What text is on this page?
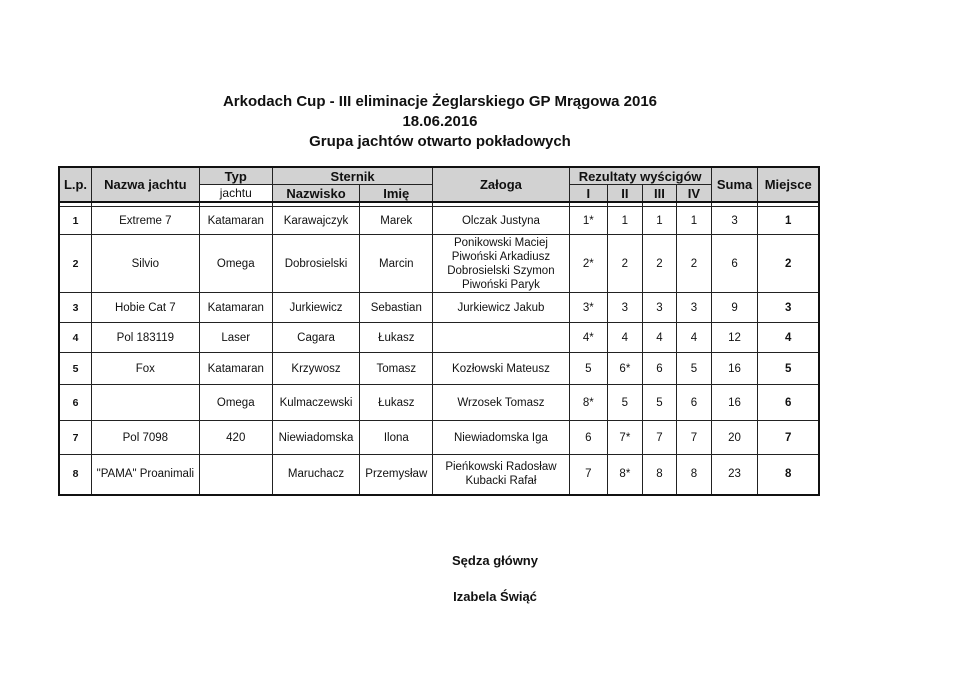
Arkodach Cup - III eliminacje Żeglarskiego GP Mrągowa 2016
18.06.2016
Grupa jachtów otwarto pokładowych
L.p.	Nazwa jachtu	Typ	Sternik		Załoga	Rezultaty wyścigów				Suma	Miejsce
		jachtu	Nazwisko	Imię		I	II	III	IV		

1	Extreme 7	Katamaran	Karawajczyk	Marek	Olczak Justyna	1*	1	1	1	3	1
2	Silvio	Omega	Dobrosielski	Marcin	Ponikowski Maciej
Piwoński Arkadiusz
Dobrosielski Szymon
Piwoński Paryk	2*	2	2	2	6	2
3	Hobie Cat 7	Katamaran	Jurkiewicz	Sebastian	Jurkiewicz Jakub	3*	3	3	3	9	3
4	Pol 183119	Laser	Cagara	Łukasz		4*	4	4	4	12	4
5	Fox	Katamaran	Krzywosz	Tomasz	Kozłowski Mateusz	5	6*	6	5	16	5
6		Omega	Kulmaczewski	Łukasz	Wrzosek Tomasz	8*	5	5	6	16	6
7	Pol 7098	420	Niewiadomska	Ilona	Niewiadomska Iga	6	7*	7	7	20	7
8	"PAMA" Proanimali		Maruchacz	Przemysław	Pieńkowski Radosław
Kubacki Rafał	7	8*	8	8	23	8
Sędza główny
Izabela Świąć
